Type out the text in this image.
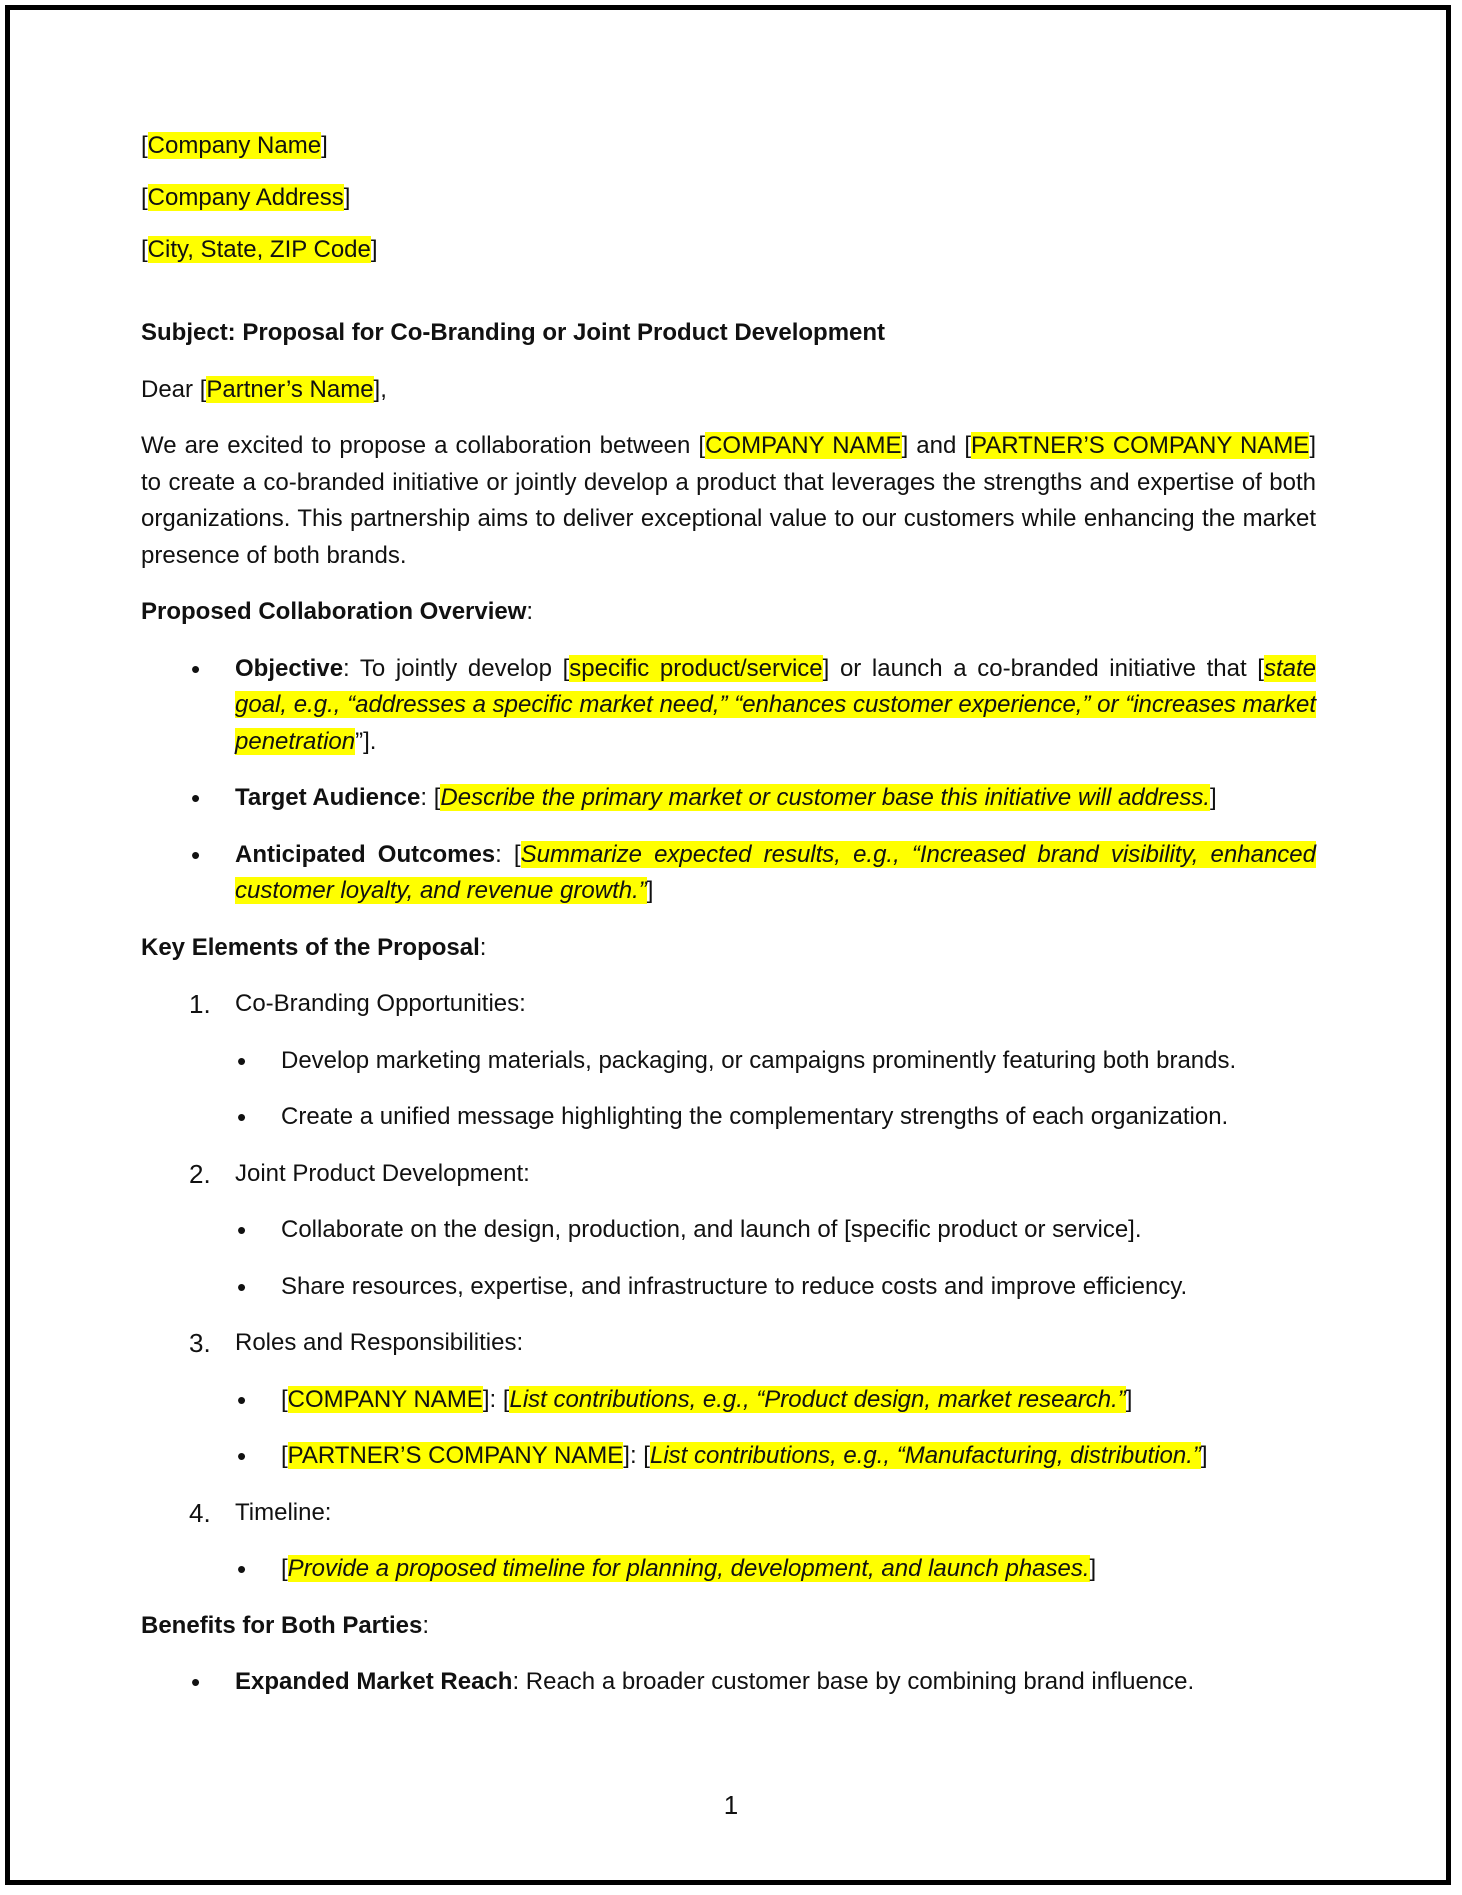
[Company Name]

[Company Address]

[City, State, ZIP Code]

Subject: Proposal for Co-Branding or Joint Product Development

Dear [Partner’s Name],

We are excited to propose a collaboration between [COMPANY NAME] and [PARTNER’S COMPANY NAME] to create a co-branded initiative or jointly develop a product that leverages the strengths and expertise of both organizations. This partnership aims to deliver exceptional value to our customers while enhancing the market presence of both brands.

Proposed Collaboration Overview:

• Objective: To jointly develop [specific product/service] or launch a co-branded initiative that [state goal, e.g., “addresses a specific market need,” “enhances customer experience,” or “increases market penetration”].
• Target Audience: [Describe the primary market or customer base this initiative will address.]
• Anticipated Outcomes: [Summarize expected results, e.g., “Increased brand visibility, enhanced customer loyalty, and revenue growth.”]

Key Elements of the Proposal:

1. Co-Branding Opportunities:
• Develop marketing materials, packaging, or campaigns prominently featuring both brands.
• Create a unified message highlighting the complementary strengths of each organization.
2. Joint Product Development:
• Collaborate on the design, production, and launch of [specific product or service].
• Share resources, expertise, and infrastructure to reduce costs and improve efficiency.
3. Roles and Responsibilities:
• [COMPANY NAME]: [List contributions, e.g., “Product design, market research.”]
• [PARTNER’S COMPANY NAME]: [List contributions, e.g., “Manufacturing, distribution.”]
4. Timeline:
• [Provide a proposed timeline for planning, development, and launch phases.]

Benefits for Both Parties:

• Expanded Market Reach: Reach a broader customer base by combining brand influence.
1
